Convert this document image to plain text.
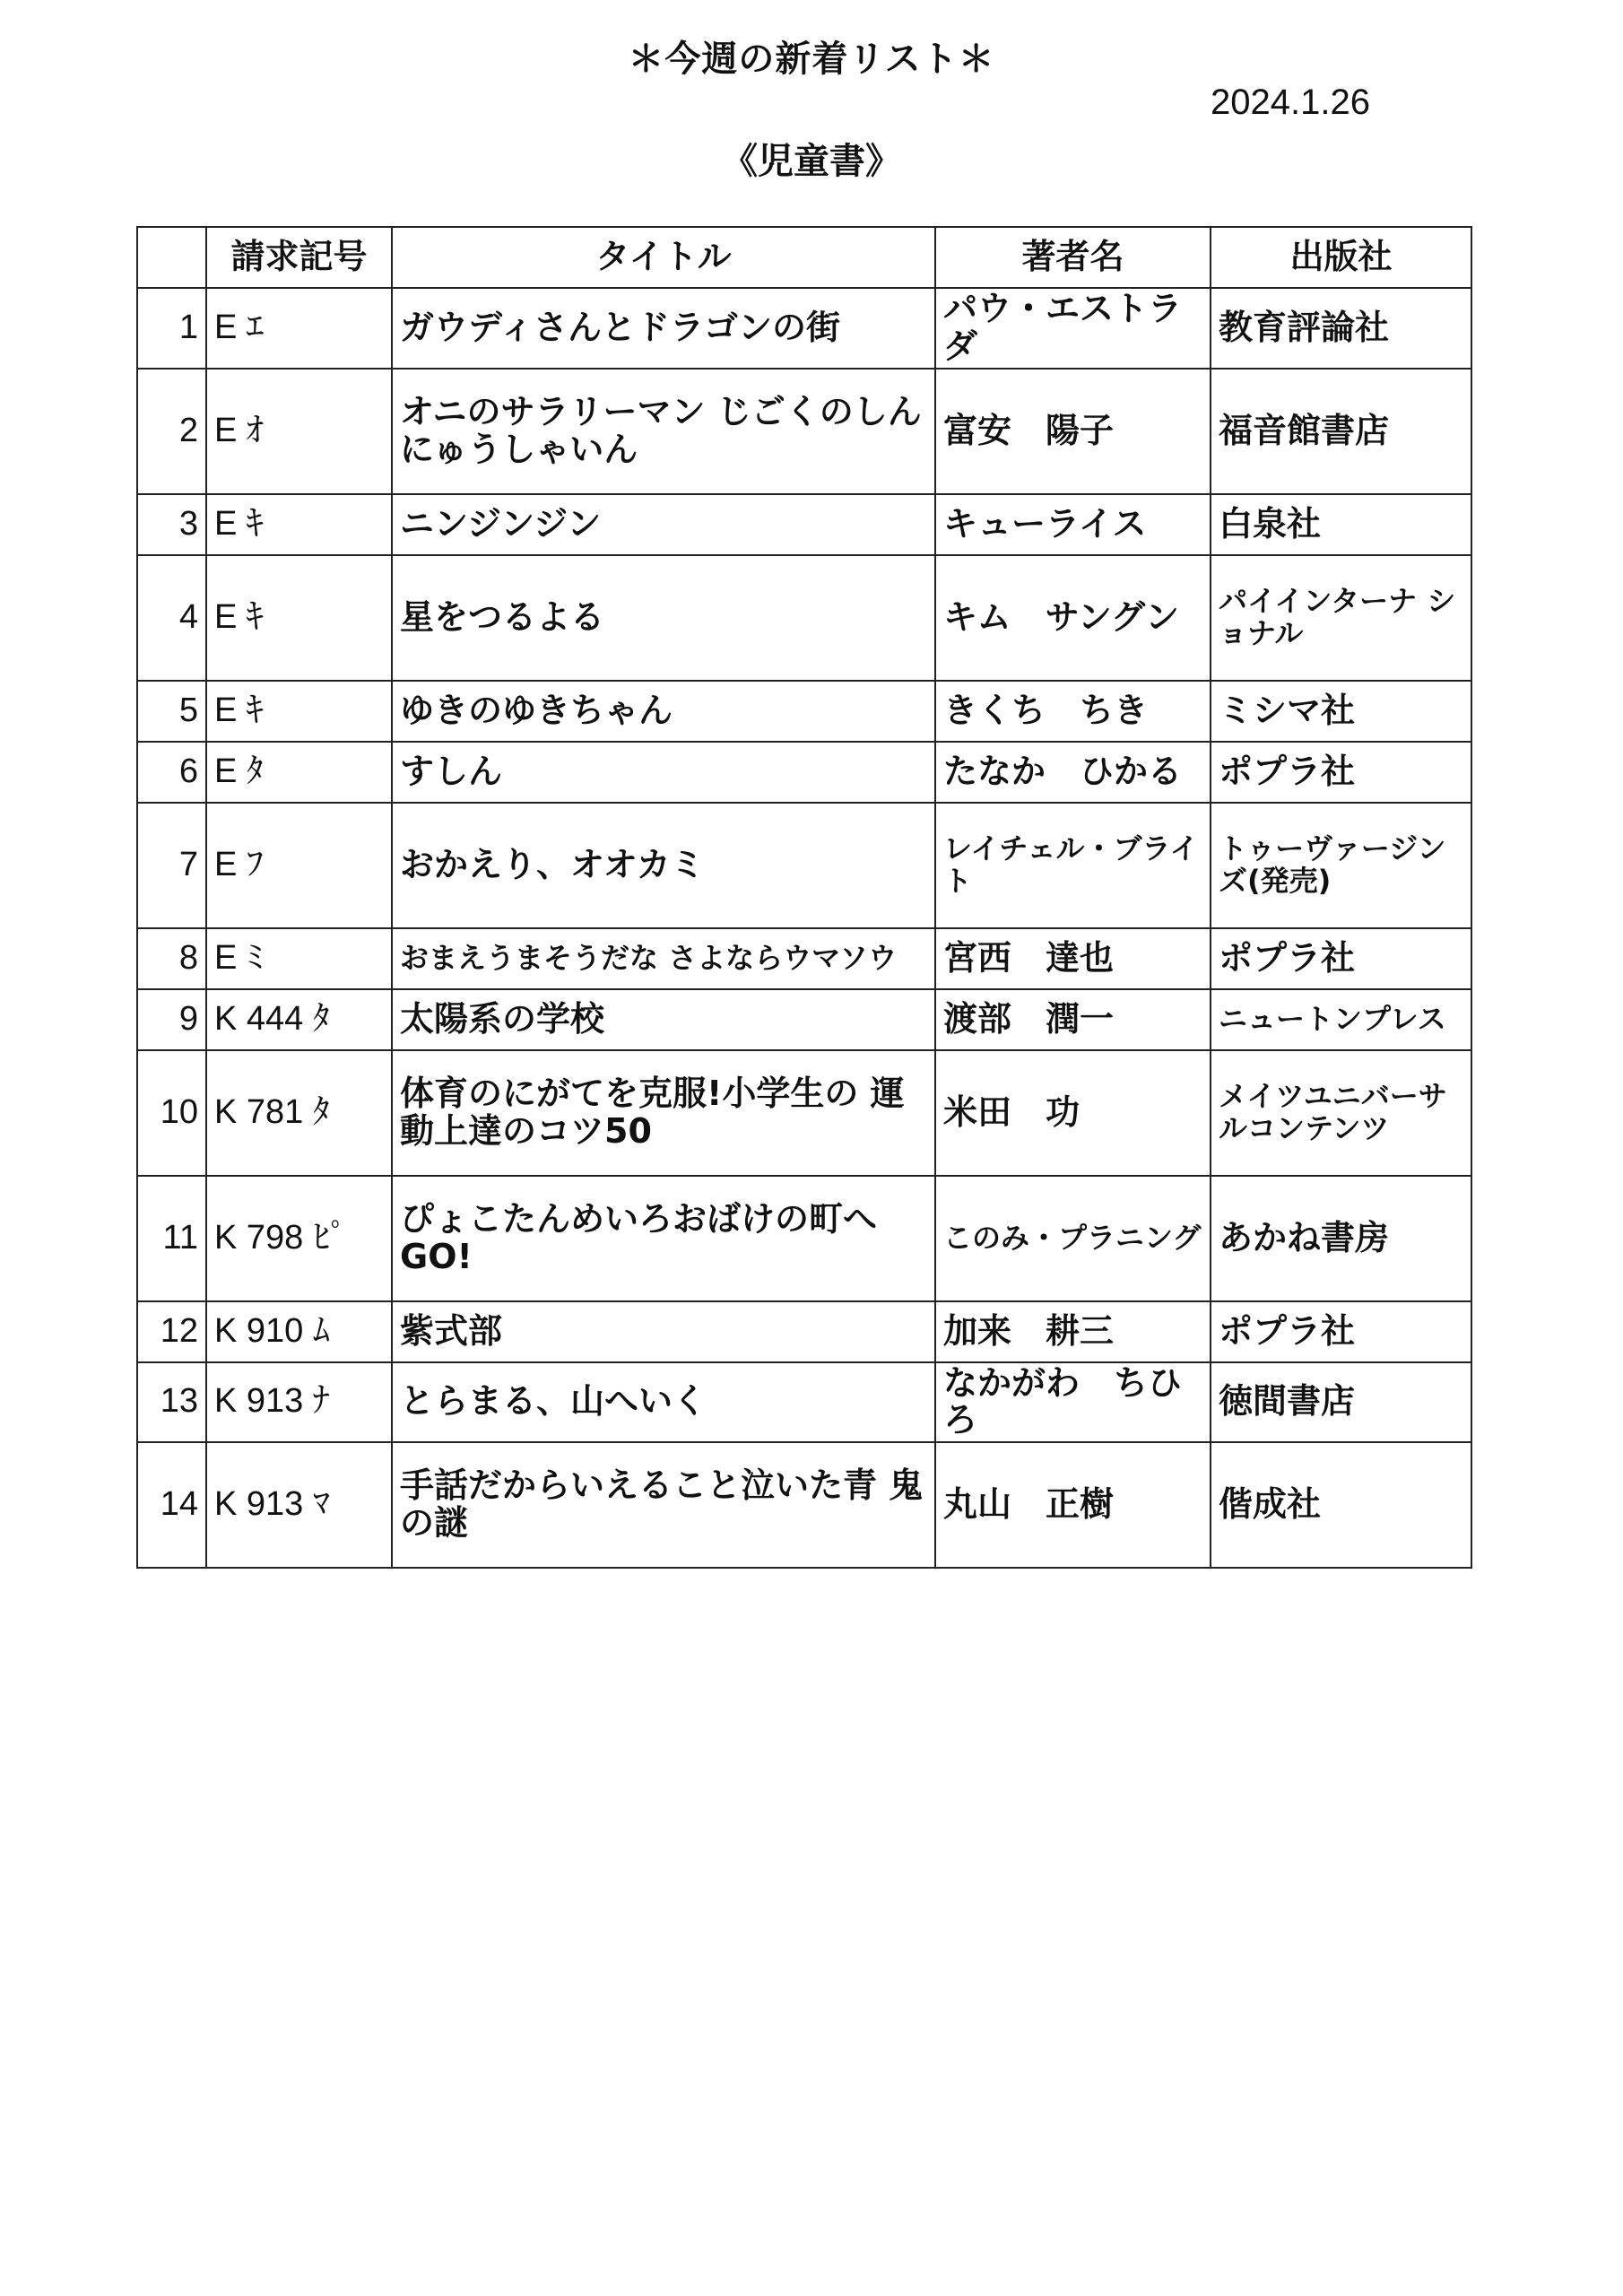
＊今週の新着リスト＊
2024.1.26
《児童書》
	請求記号	タイトル	著者名	出版社
1	E ｴ	ガウディさんとドラゴンの街	パウ・エストラダ	教育評論社
2	E ｵ	オニのサラリーマン じごくのしん にゅうしゃいん	富安　陽子	福音館書店
3	E ｷ	ニンジンジン	キューライス	白泉社
4	E ｷ	星をつるよる	キム　サングン	パイインターナ ショナル
5	E ｷ	ゆきのゆきちゃん	きくち　ちき	ミシマ社
6	E ﾀ	すしん	たなか　ひかる	ポプラ社
7	E ﾌ	おかえり、オオカミ	レイチェル・ブライト	トゥーヴァージン ズ(発売)
8	E ﾐ	おまえうまそうだな さよならウマソウ	宮西　達也	ポプラ社
9	K 444 ﾀ	太陽系の学校	渡部　潤一	ニュートンプレス
10	K 781 ﾀ	体育のにがてを克服!小学生の 運動上達のコツ50	米田　功	メイツユニバーサ ルコンテンツ
11	K 798 ﾋﾟ	ぴょこたんめいろおばけの町へ GO!	このみ・プラニング	あかね書房
12	K 910 ﾑ	紫式部	加来　耕三	ポプラ社
13	K 913 ﾅ	とらまる、山へいく	なかがわ　ちひろ	徳間書店
14	K 913 ﾏ	手話だからいえること泣いた青 鬼の謎	丸山　正樹	偕成社
